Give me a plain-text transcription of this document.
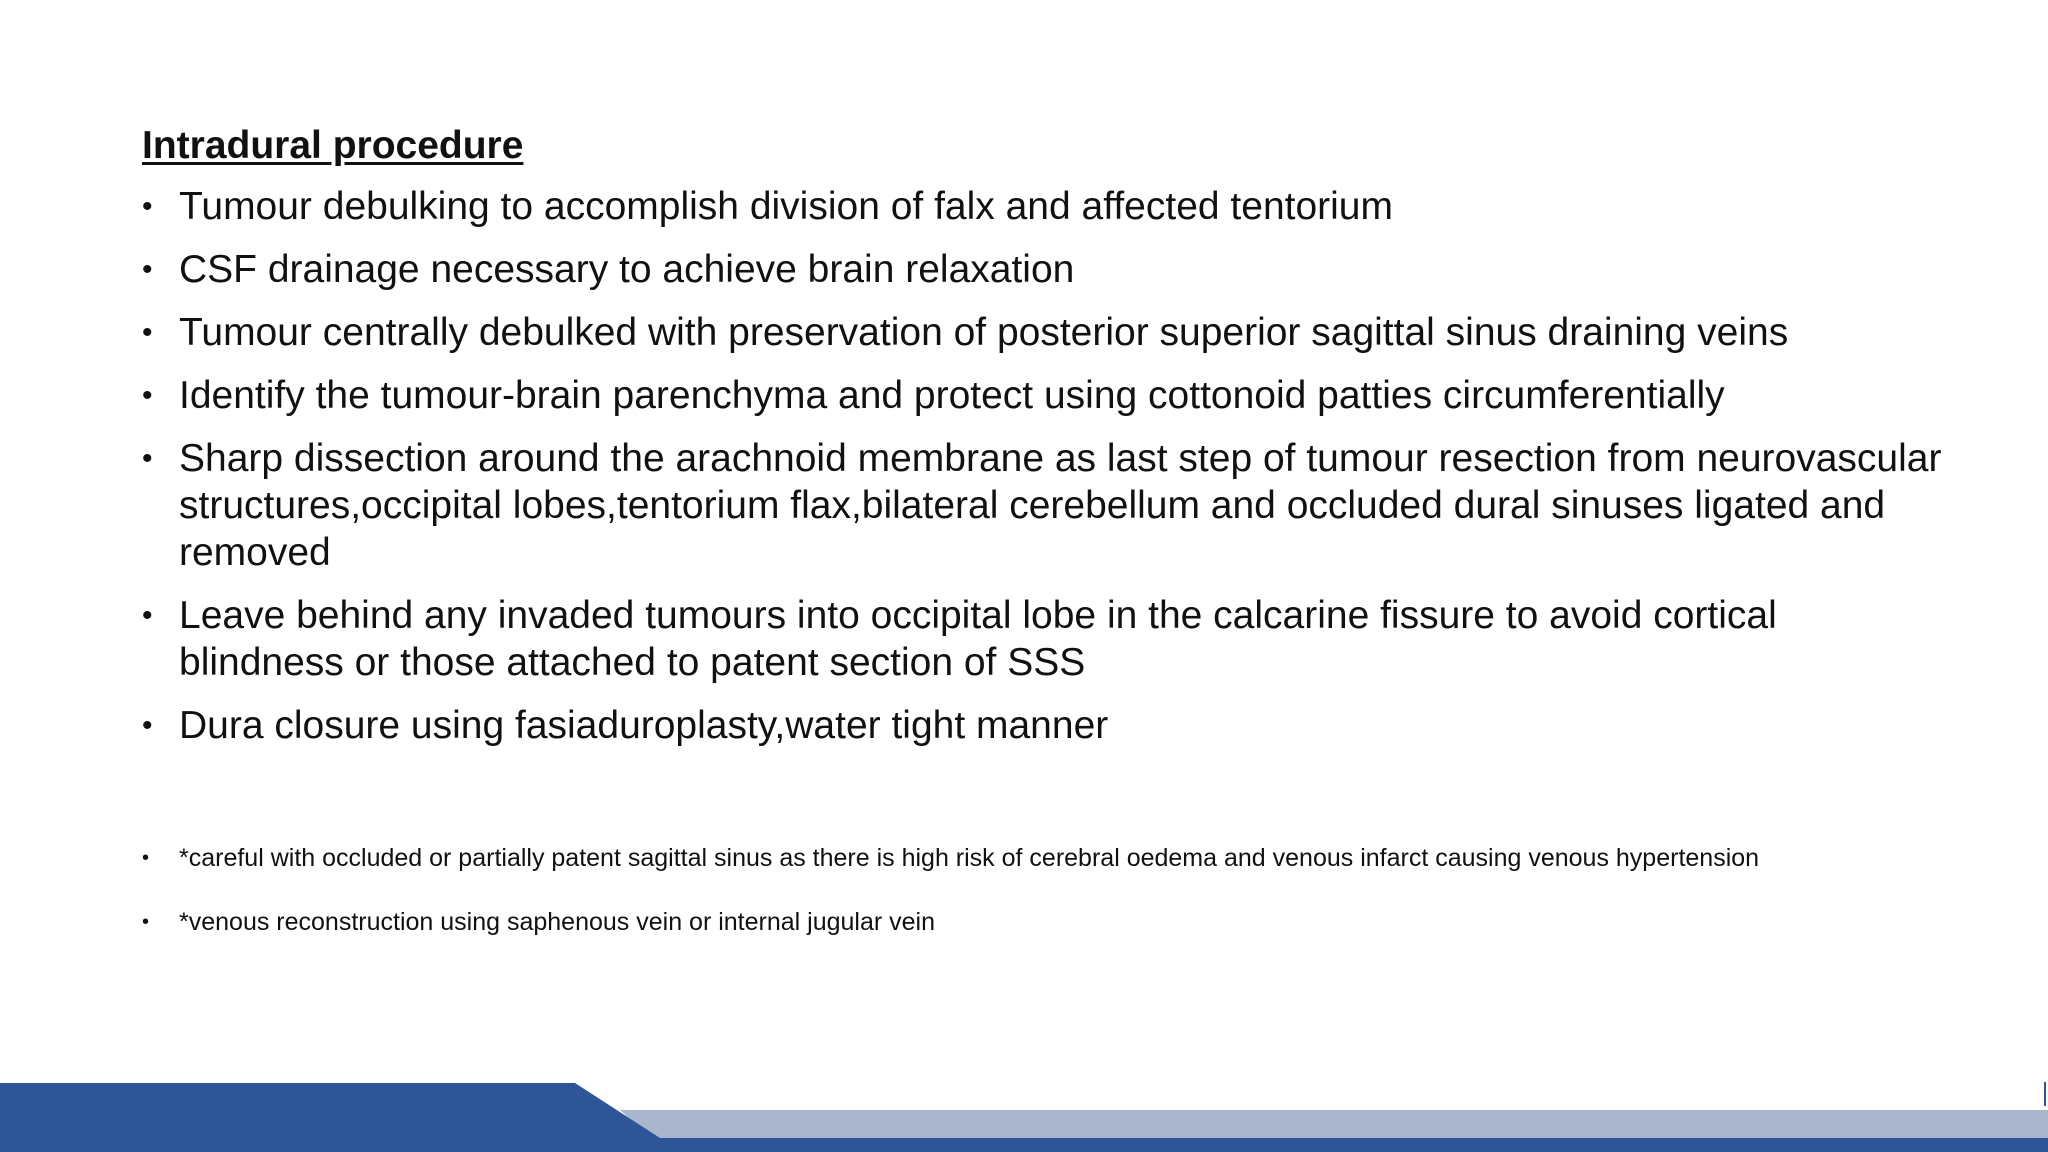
Intradural procedure
• Tumour debulking to accomplish division of falx and affected tentorium
• CSF drainage necessary to achieve brain relaxation
• Tumour centrally debulked with preservation of posterior superior sagittal sinus draining veins
• Identify the tumour-brain parenchyma and protect using cottonoid patties circumferentially
• Sharp dissection around the arachnoid membrane as last step of tumour resection from neurovascular structures,occipital lobes,tentorium flax,bilateral cerebellum and occluded dural sinuses ligated and removed
• Leave behind any invaded tumours into occipital lobe in the calcarine fissure to avoid cortical blindness or those attached to patent section of SSS
• Dura closure using fasiaduroplasty,water tight manner
• *careful with occluded or partially patent sagittal sinus as there is high risk of cerebral oedema and venous infarct causing venous hypertension
• *venous reconstruction using saphenous vein or internal jugular vein
